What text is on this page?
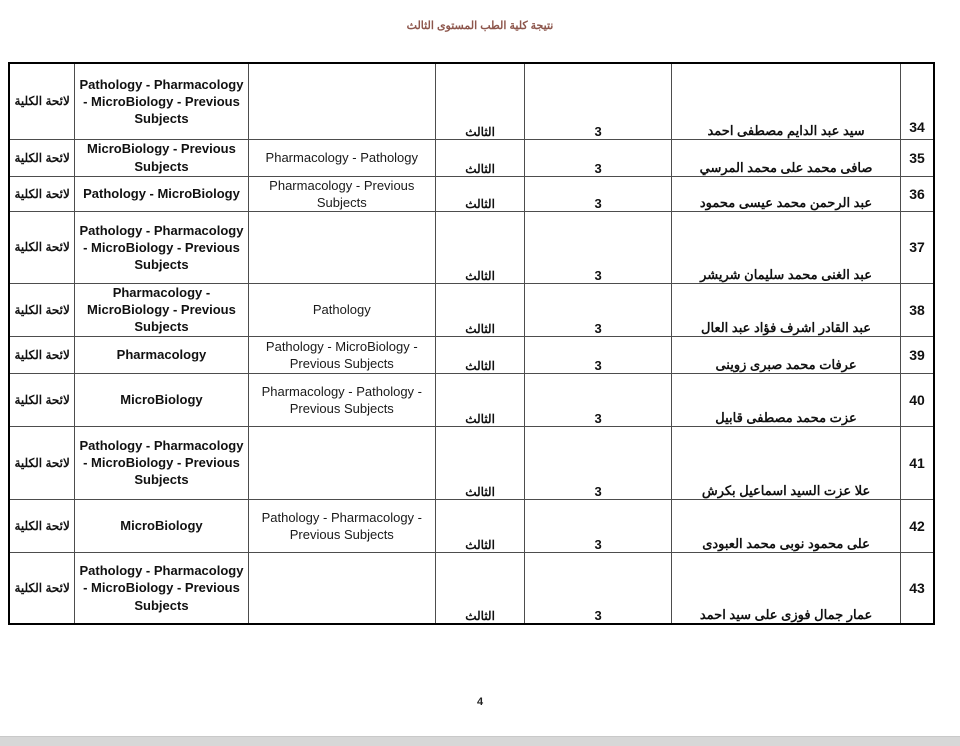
نتيجة كلية الطب المستوى الثالث
لائحة الكلية	Pathology - Pharmacology - MicroBiology - Previous Subjects		الثالث	3	سيد عبد الدايم مصطفى احمد	34
لائحة الكلية	MicroBiology - Previous Subjects	Pharmacology - Pathology	الثالث	3	صافى محمد على محمد المرسي	35
لائحة الكلية	Pathology - MicroBiology	Pharmacology - Previous Subjects	الثالث	3	عبد الرحمن محمد عيسى محمود	36
لائحة الكلية	Pathology - Pharmacology - MicroBiology - Previous Subjects		الثالث	3	عبد الغنى محمد سليمان شريشر	37
لائحة الكلية	Pharmacology - MicroBiology - Previous Subjects	Pathology	الثالث	3	عبد القادر اشرف فؤاد عبد العال	38
لائحة الكلية	Pharmacology	Pathology - MicroBiology - Previous Subjects	الثالث	3	عرفات محمد صبرى زوينى	39
لائحة الكلية	MicroBiology	Pharmacology - Pathology - Previous Subjects	الثالث	3	عزت محمد مصطفى قابيل	40
لائحة الكلية	Pathology - Pharmacology - MicroBiology - Previous Subjects		الثالث	3	علا عزت السيد اسماعيل بكرش	41
لائحة الكلية	MicroBiology	Pathology - Pharmacology - Previous Subjects	الثالث	3	على محمود نوبى محمد العبودى	42
لائحة الكلية	Pathology - Pharmacology - MicroBiology - Previous Subjects		الثالث	3	عمار جمال فوزى على سيد احمد	43
4
